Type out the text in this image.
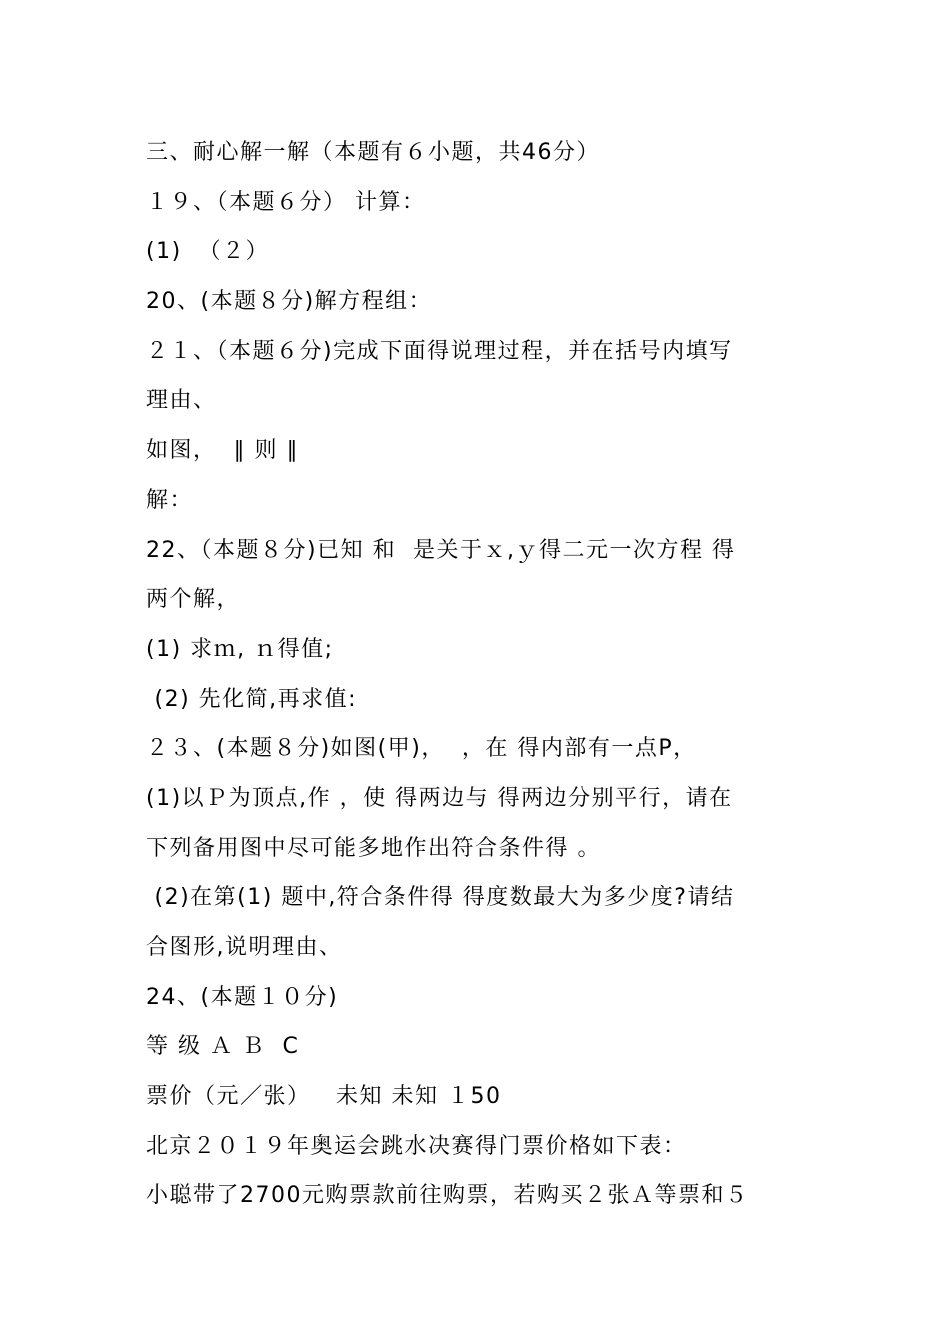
三、耐心解一解（本题有６小题，共46分）
１９、（本题６分） 计算：
(1)  （２）
20、(本题８分)解方程组：
２１、（本题６分)完成下面得说理过程，并在括号内填写
理由、
如图，  ∥ 则 ∥
解：
22、（本题８分)已知 和  是关于ｘ,ｙ得二元一次方程 得
两个解，
(1) 求ｍ, ｎ得值;
(2) 先化简,再求值:
２３、(本题８分)如图(甲)，  ，在 得内部有一点P，
(1)以Ｐ为顶点,作 ，使 得两边与 得两边分别平行，请在
下列备用图中尽可能多地作出符合条件得 。
(2)在第(1) 题中,符合条件得 得度数最大为多少度?请结
合图形,说明理由、
24、(本题１０分)
等 级 Ａ Ｂ  C
票价（元／张）   未知 未知 １50
北京２０１９年奥运会跳水决赛得门票价格如下表：
小聪带了2700元购票款前往购票，若购买２张Ａ等票和５
